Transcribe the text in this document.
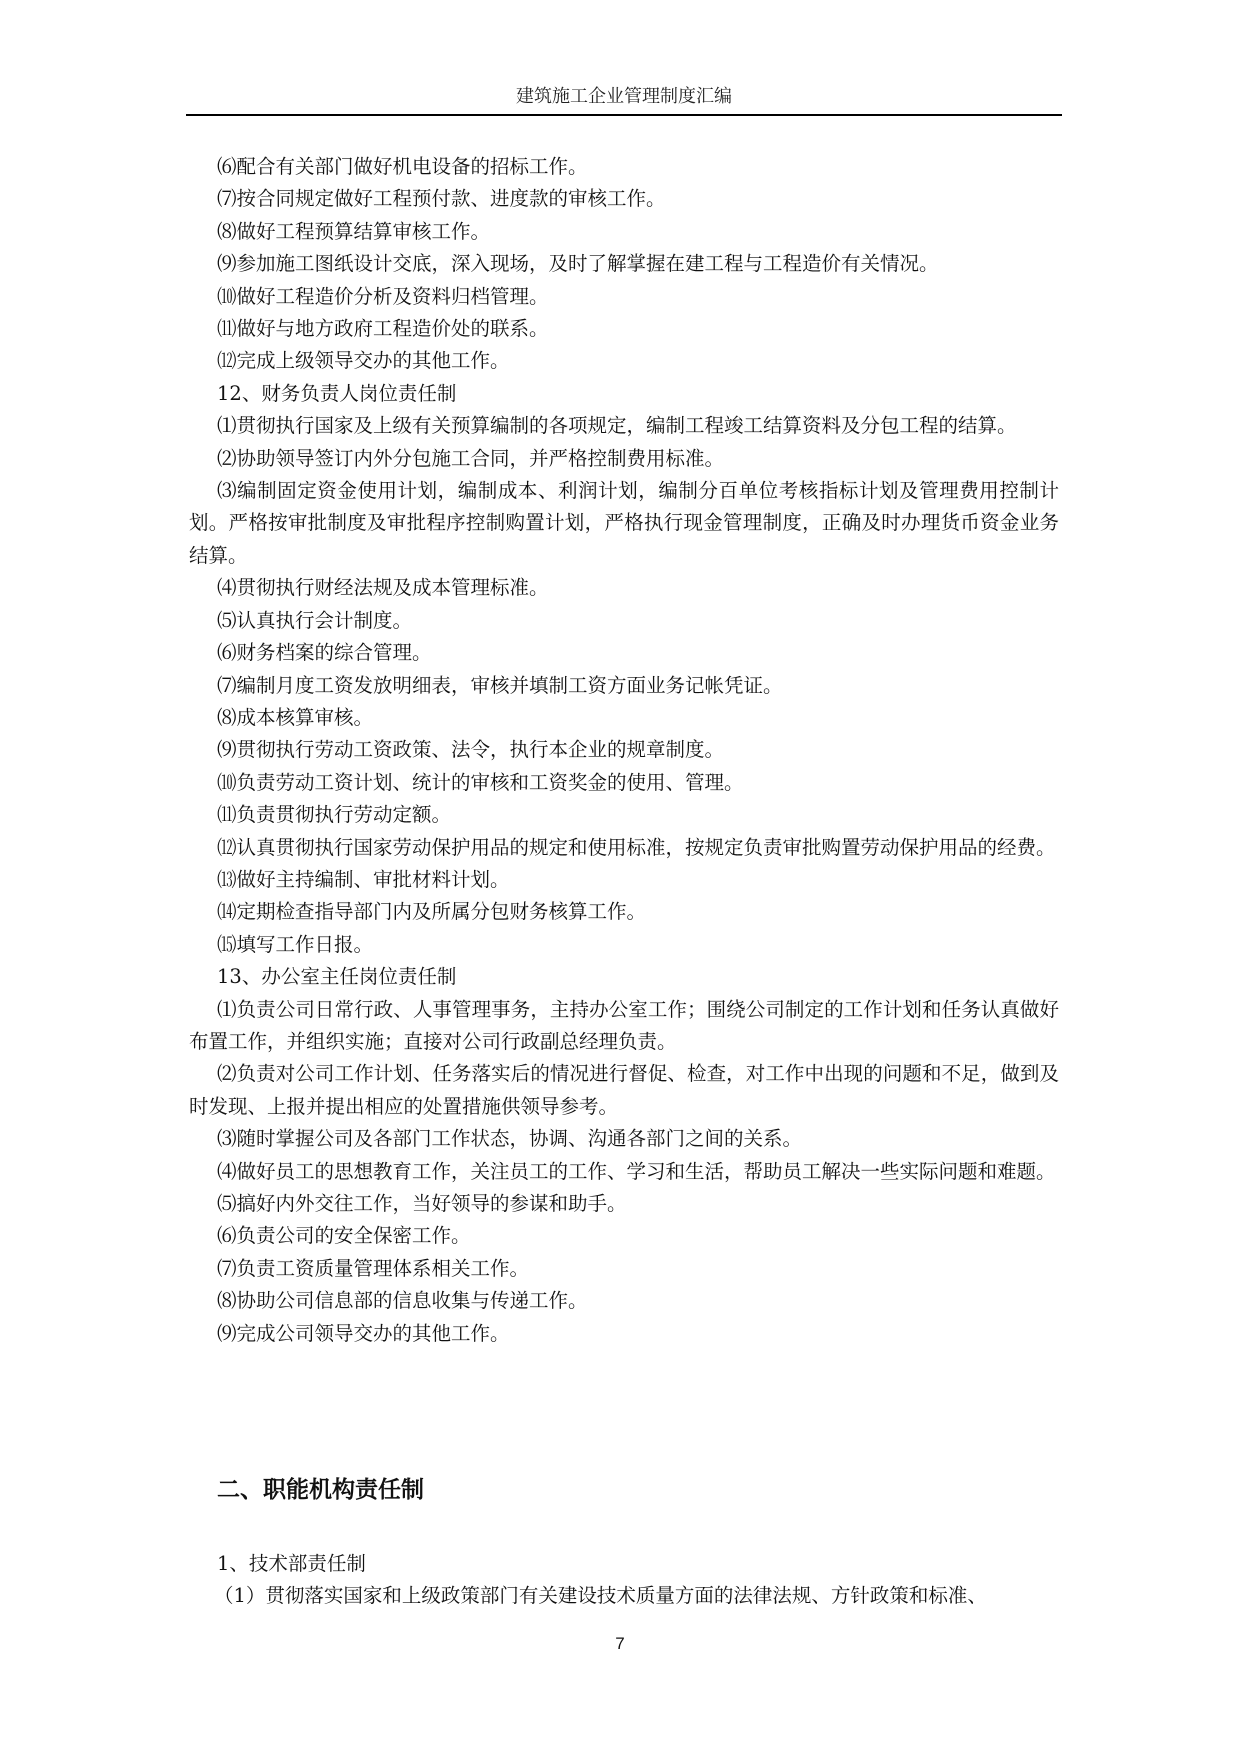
建筑施工企业管理制度汇编

⑹配合有关部门做好机电设备的招标工作。

⑺按合同规定做好工程预付款、进度款的审核工作。

⑻做好工程预算结算审核工作。

⑼参加施工图纸设计交底，深入现场，及时了解掌握在建工程与工程造价有关情况。

⑽做好工程造价分析及资料归档管理。

⑾做好与地方政府工程造价处的联系。

⑿完成上级领导交办的其他工作。

12、财务负责人岗位责任制

⑴贯彻执行国家及上级有关预算编制的各项规定，编制工程竣工结算资料及分包工程的结算。

⑵协助领导签订内外分包施工合同，并严格控制费用标准。

⑶编制固定资金使用计划，编制成本、利润计划，编制分百单位考核指标计划及管理费用控制计划。严格按审批制度及审批程序控制购置计划，严格执行现金管理制度，正确及时办理货币资金业务结算。

⑷贯彻执行财经法规及成本管理标准。

⑸认真执行会计制度。

⑹财务档案的综合管理。

⑺编制月度工资发放明细表，审核并填制工资方面业务记帐凭证。

⑻成本核算审核。

⑼贯彻执行劳动工资政策、法令，执行本企业的规章制度。

⑽负责劳动工资计划、统计的审核和工资奖金的使用、管理。

⑾负责贯彻执行劳动定额。

⑿认真贯彻执行国家劳动保护用品的规定和使用标准，按规定负责审批购置劳动保护用品的经费。

⒀做好主持编制、审批材料计划。

⒁定期检查指导部门内及所属分包财务核算工作。

⒂填写工作日报。

13、办公室主任岗位责任制

⑴负责公司日常行政、人事管理事务，主持办公室工作；围绕公司制定的工作计划和任务认真做好布置工作，并组织实施；直接对公司行政副总经理负责。

⑵负责对公司工作计划、任务落实后的情况进行督促、检查，对工作中出现的问题和不足，做到及时发现、上报并提出相应的处置措施供领导参考。

⑶随时掌握公司及各部门工作状态，协调、沟通各部门之间的关系。

⑷做好员工的思想教育工作，关注员工的工作、学习和生活，帮助员工解决一些实际问题和难题。

⑸搞好内外交往工作，当好领导的参谋和助手。

⑹负责公司的安全保密工作。

⑺负责工资质量管理体系相关工作。

⑻协助公司信息部的信息收集与传递工作。

⑼完成公司领导交办的其他工作。

二、职能机构责任制

1、技术部责任制

（1）贯彻落实国家和上级政策部门有关建设技术质量方面的法律法规、方针政策和标准、

7
